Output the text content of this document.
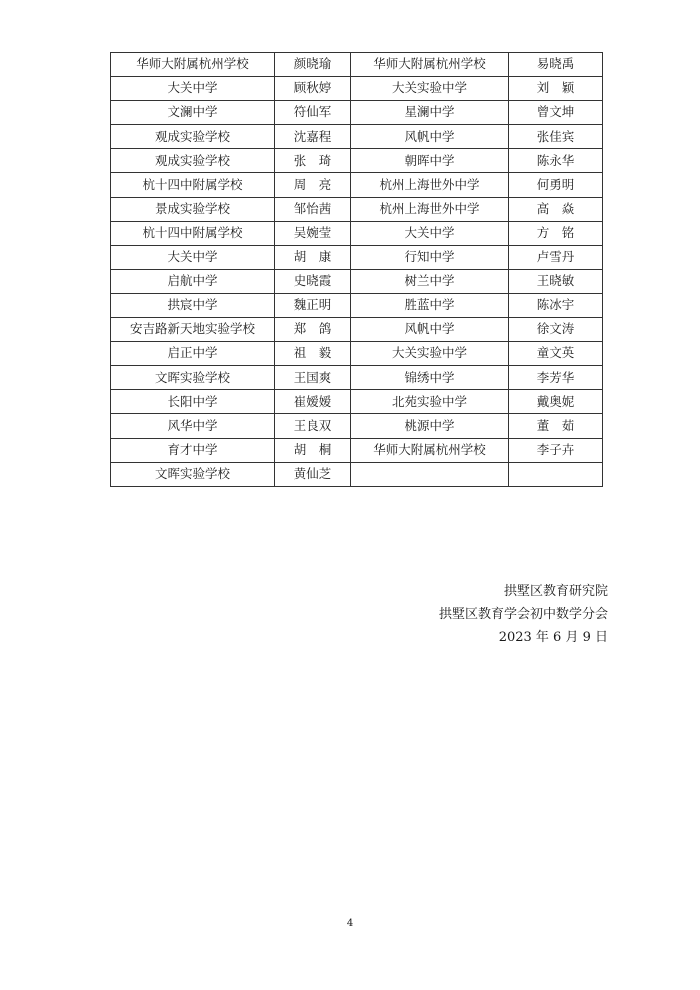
华师大附属杭州学校	颜晓瑜	华师大附属杭州学校	易晓禹
大关中学	顾秋婷	大关实验中学	刘　颖
文澜中学	符仙军	星澜中学	曾文坤
观成实验学校	沈嘉程	风帆中学	张佳宾
观成实验学校	张　琦	朝晖中学	陈永华
杭十四中附属学校	周　亮	杭州上海世外中学	何勇明
景成实验学校	邹怡茜	杭州上海世外中学	高　焱
杭十四中附属学校	吴婉莹	大关中学	方　铭
大关中学	胡　康	行知中学	卢雪丹
启航中学	史晓霞	树兰中学	王晓敏
拱宸中学	魏正明	胜蓝中学	陈冰宇
安吉路新天地实验学校	郑　鸽	风帆中学	徐文涛
启正中学	祖　毅	大关实验中学	童文英
文晖实验学校	王国爽	锦绣中学	李芳华
长阳中学	崔嫒嫒	北苑实验中学	戴奥妮
风华中学	王良双	桃源中学	董　茹
育才中学	胡　桐	华师大附属杭州学校	李子卉
文晖实验学校	黄仙芝		
拱墅区教育研究院
拱墅区教育学会初中数学分会
2023 年 6 月 9 日
4
